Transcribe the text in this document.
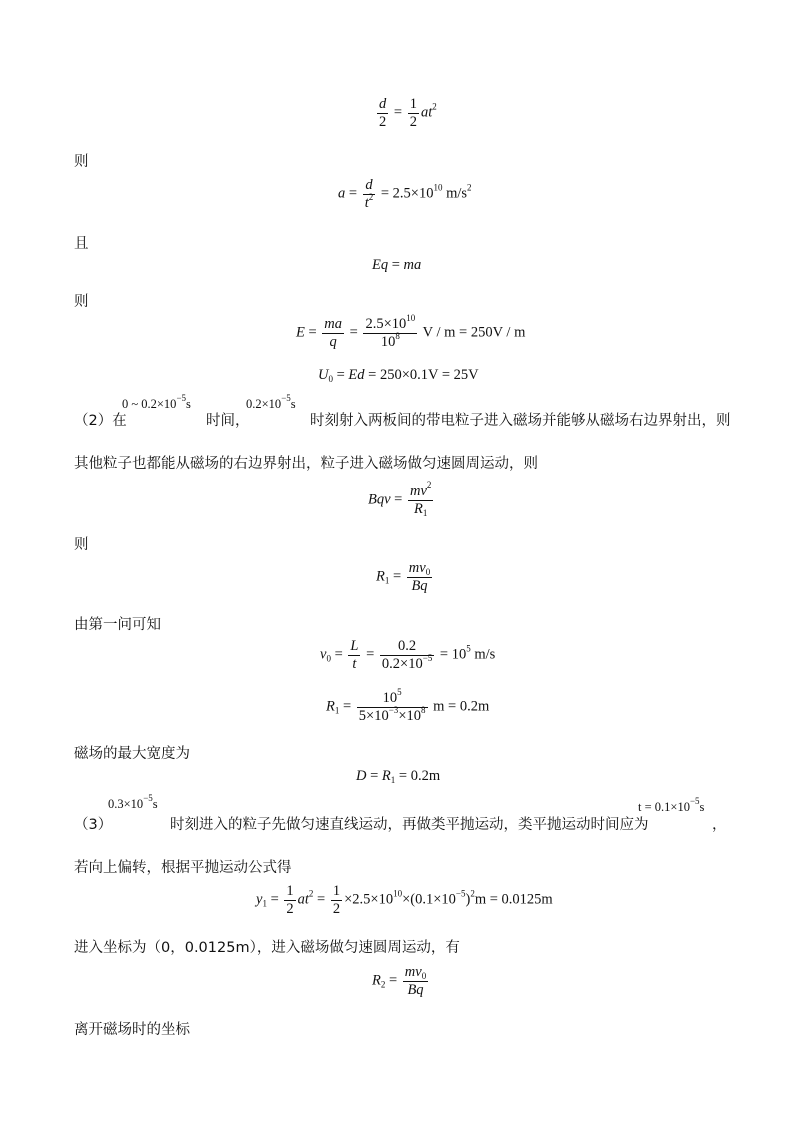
$\frac{d}{2} = \frac{1}{2} at^2$
则
$a = \frac{d}{t^2} = 2.5\times 10^{10}$ $m/s^2$
且
Eq = ma
则
$E = \frac{ma}{q} = \frac{2.5\times 10^{10}}{10^8}$ V / m = 250V / m
$U_0 = Ed = 250\times 0.1V = 25V$
（2）在
0 ~ $0.2\times 10^{-5}s$
时间，
$0.2\times 10^{-5}s$
时刻射入两板间的带电粒子进入磁场并能够从磁场右边界射出，则
其他粒子也都能从磁场的右边界射出，粒子进入磁场做匀速圆周运动，则
Bqv = $\frac{mv^2}{R_1}$
则
$R_1 = \frac{mv_0}{Bq}$
由第一问可知
$v_0 = \frac{L}{t} = \frac{0.2}{0.2\times 10^{-5}} = 10^5$ m/s
$R_1 = \frac{10^5}{5\times 10^{-3}\times 10^8}$ m = 0.2m
磁场的最大宽度为
$D = R_1 = 0.2m$
（3）
$0.3\times 10^{-5}s$
时刻进入的粒子先做匀速直线运动，再做类平抛运动，类平抛运动时间应为
$t = 0.1\times 10^{-5}s$
，
若向上偏转，根据平抛运动公式得
$y_1 = \frac{1}{2} at^2 = \frac{1}{2} \times 2.5\times 10^{10}\times(0.1\times 10^{-5})^2m = 0.0125m$
进入坐标为（0，0.0125m），进入磁场做匀速圆周运动，有
$R_2 = \frac{mv_0}{Bq}$
离开磁场时的坐标
